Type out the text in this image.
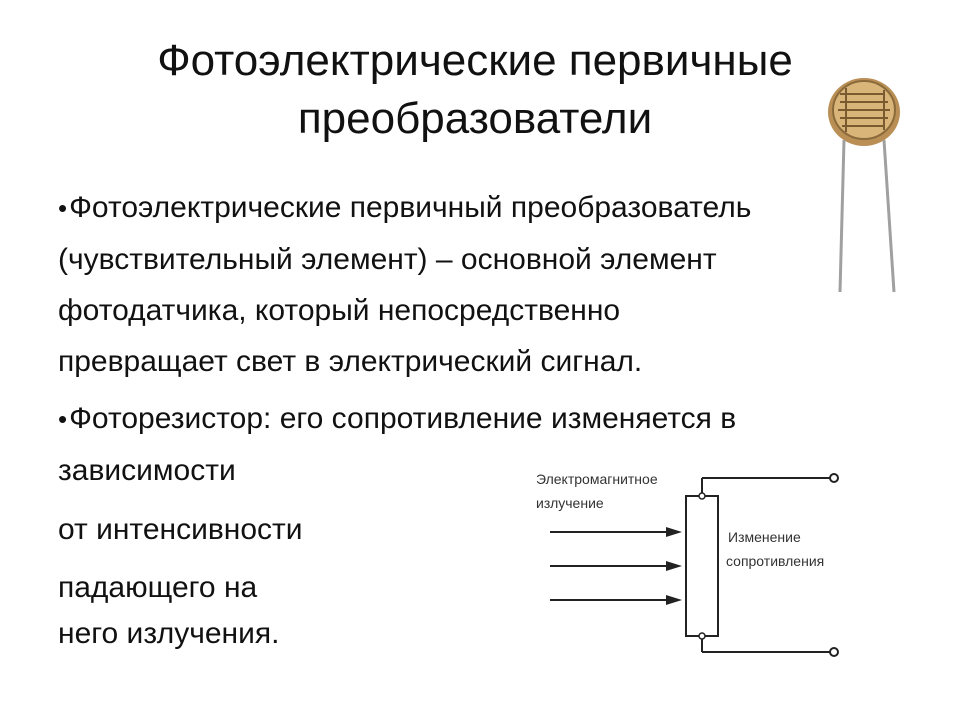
Фотоэлектрические первичные
преобразователи

•Фотоэлектрические первичный преобразователь
(чувствительный элемент) – основной элемент
фотодатчика, который непосредственно
превращает свет в электрический сигнал.

•Фоторезистор: его сопротивление изменяется в
зависимости

от интенсивности

падающего на

него излучения.

Электромагнитное
излучение
Изменение
сопротивления
